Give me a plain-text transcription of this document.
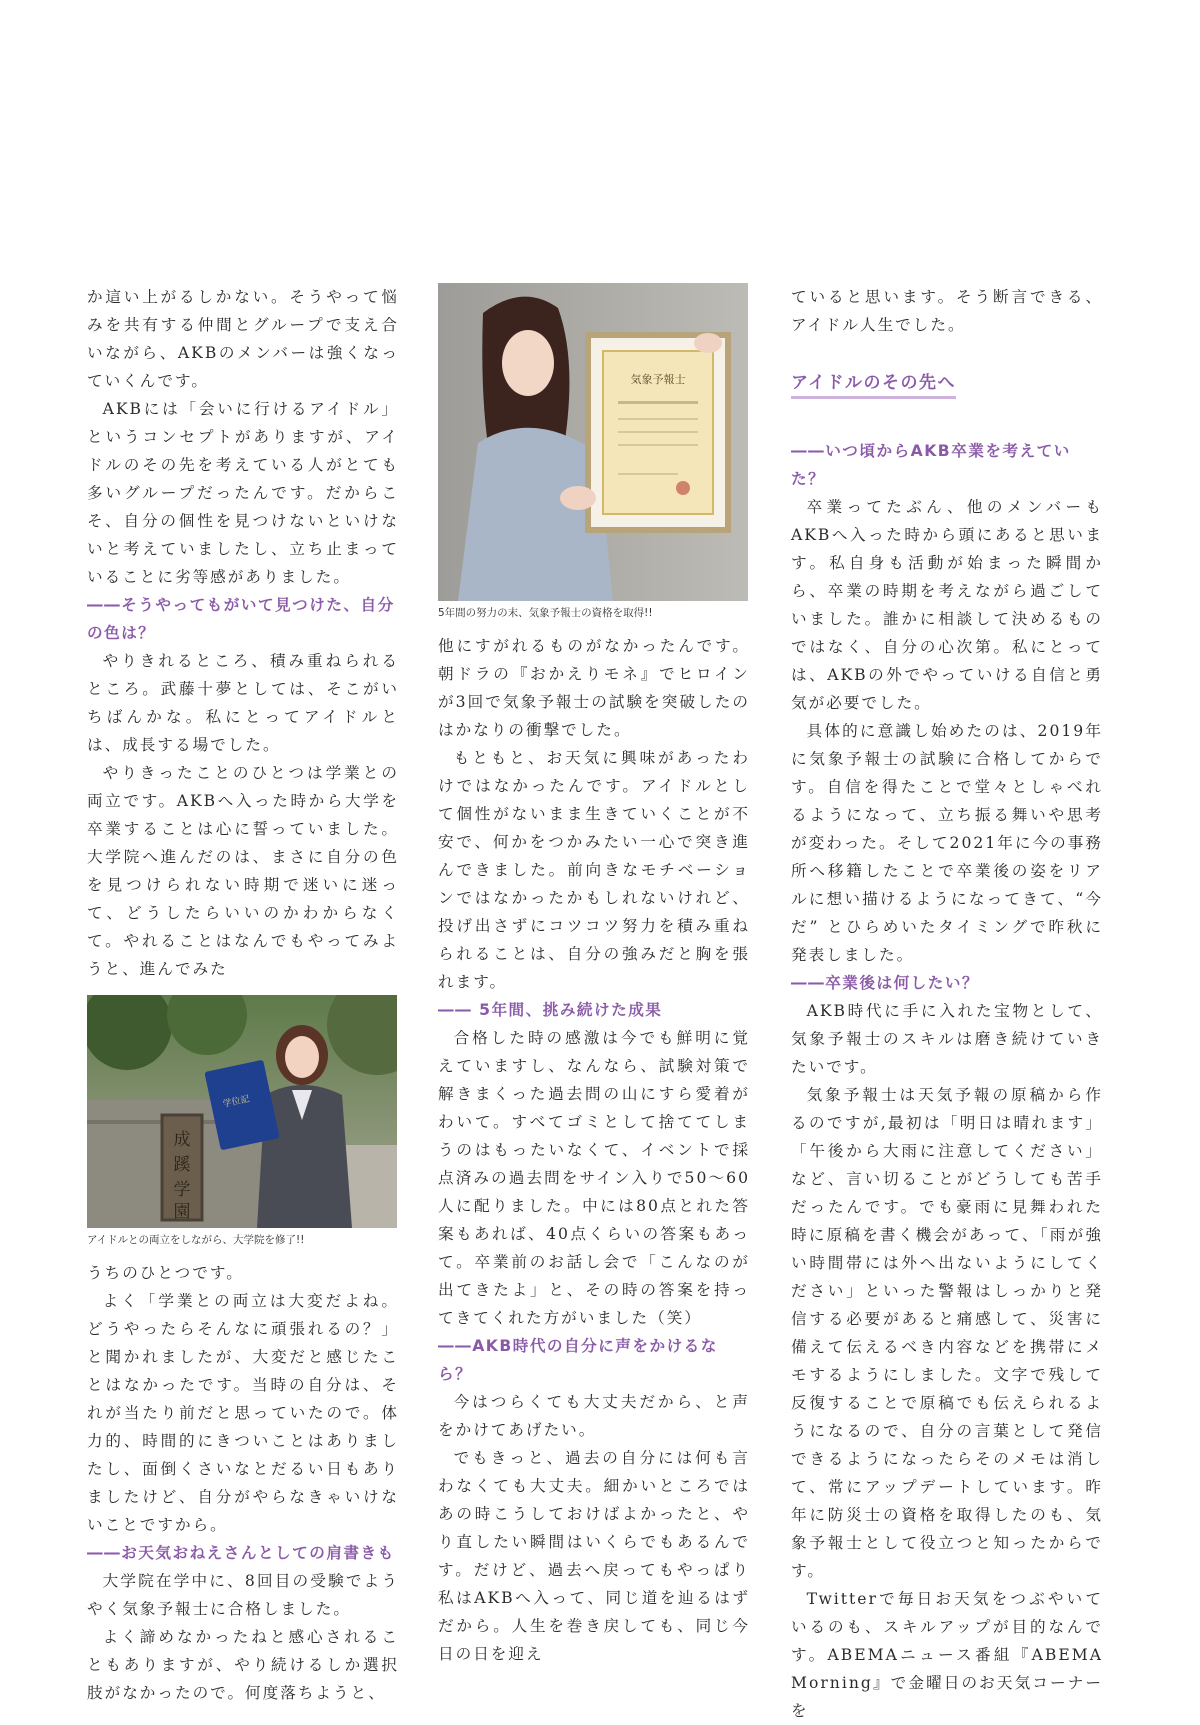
か這い上がるしかない。そうやって悩みを共有する仲間とグループで支え合いながら、AKBのメンバーは強くなっていくんです。

AKBには「会いに行けるアイドル」というコンセプトがありますが、アイドルのその先を考えている人がとても多いグループだったんです。だからこそ、自分の個性を見つけないといけないと考えていましたし、立ち止まっていることに劣等感がありました。

――そうやってもがいて見つけた、自分の色は？

やりきれるところ、積み重ねられるところ。武藤十夢としては、そこがいちばんかな。私にとってアイドルとは、成長する場でした。

やりきったことのひとつは学業との両立です。AKBへ入った時から大学を卒業することは心に誓っていました。大学院へ進んだのは、まさに自分の色を見つけられない時期で迷いに迷って、どうしたらいいのかわからなくて。やれることはなんでもやってみようと、進んでみた

成
蹊
学
園
学位記
アイドルとの両立をしながら、大学院を修了!!

うちのひとつです。

よく「学業との両立は大変だよね。どうやったらそんなに頑張れるの？」と聞かれましたが、大変だと感じたことはなかったです。当時の自分は、それが当たり前だと思っていたので。体力的、時間的にきついことはありましたし、面倒くさいなとだるい日もありましたけど、自分がやらなきゃいけないことですから。

――お天気おねえさんとしての肩書きも

大学院在学中に、8回目の受験でようやく気象予報士に合格しました。

よく諦めなかったねと感心されることもありますが、やり続けるしか選択肢がなかったので。何度落ちようと、

気象予報士
5年間の努力の末、気象予報士の資格を取得!!

他にすがれるものがなかったんです。朝ドラの『おかえりモネ』でヒロインが3回で気象予報士の試験を突破したのはかなりの衝撃でした。

もともと、お天気に興味があったわけではなかったんです。アイドルとして個性がないまま生きていくことが不安で、何かをつかみたい一心で突き進んできました。前向きなモチベーションではなかったかもしれないけれど、投げ出さずにコツコツ努力を積み重ねられることは、自分の強みだと胸を張れます。

―― 5年間、挑み続けた成果

合格した時の感激は今でも鮮明に覚えていますし、なんなら、試験対策で解きまくった過去問の山にすら愛着がわいて。すべてゴミとして捨ててしまうのはもったいなくて、イベントで採点済みの過去問をサイン入りで50～60人に配りました。中には80点とれた答案もあれば、40点くらいの答案もあって。卒業前のお話し会で「こんなのが出てきたよ」と、その時の答案を持ってきてくれた方がいました（笑）

――AKB時代の自分に声をかけるなら？

今はつらくても大丈夫だから、と声をかけてあげたい。

でもきっと、過去の自分には何も言わなくても大丈夫。細かいところではあの時こうしておけばよかったと、やり直したい瞬間はいくらでもあるんです。だけど、過去へ戻ってもやっぱり私はAKBへ入って、同じ道を辿るはずだから。人生を巻き戻しても、同じ今日の日を迎え

ていると思います。そう断言できる、アイドル人生でした。

アイドルのその先へ
――いつ頃からAKB卒業を考えていた？

卒業ってたぶん、他のメンバーもAKBへ入った時から頭にあると思います。私自身も活動が始まった瞬間から、卒業の時期を考えながら過ごしていました。誰かに相談して決めるものではなく、自分の心次第。私にとっては、AKBの外でやっていける自信と勇気が必要でした。

具体的に意識し始めたのは、2019年に気象予報士の試験に合格してからです。自信を得たことで堂々としゃべれるようになって、立ち振る舞いや思考が変わった。そして2021年に今の事務所へ移籍したことで卒業後の姿をリアルに想い描けるようになってきて、“今だ” とひらめいたタイミングで昨秋に発表しました。

――卒業後は何したい？

AKB時代に手に入れた宝物として、気象予報士のスキルは磨き続けていきたいです。

気象予報士は天気予報の原稿から作るのですが,最初は「明日は晴れます」「午後から大雨に注意してください」など、言い切ることがどうしても苦手だったんです。でも豪雨に見舞われた時に原稿を書く機会があって、「雨が強い時間帯には外へ出ないようにしてください」といった警報はしっかりと発信する必要があると痛感して、災害に備えて伝えるべき内容などを携帯にメモするようにしました。文字で残して反復することで原稿でも伝えられるようになるので、自分の言葉として発信できるようになったらそのメモは消して、常にアップデートしています。昨年に防災士の資格を取得したのも、気象予報士として役立つと知ったからです。

Twitterで毎日お天気をつぶやいているのも、スキルアップが目的なんです。ABEMAニュース番組『ABEMA Morning』で金曜日のお天気コーナーを
